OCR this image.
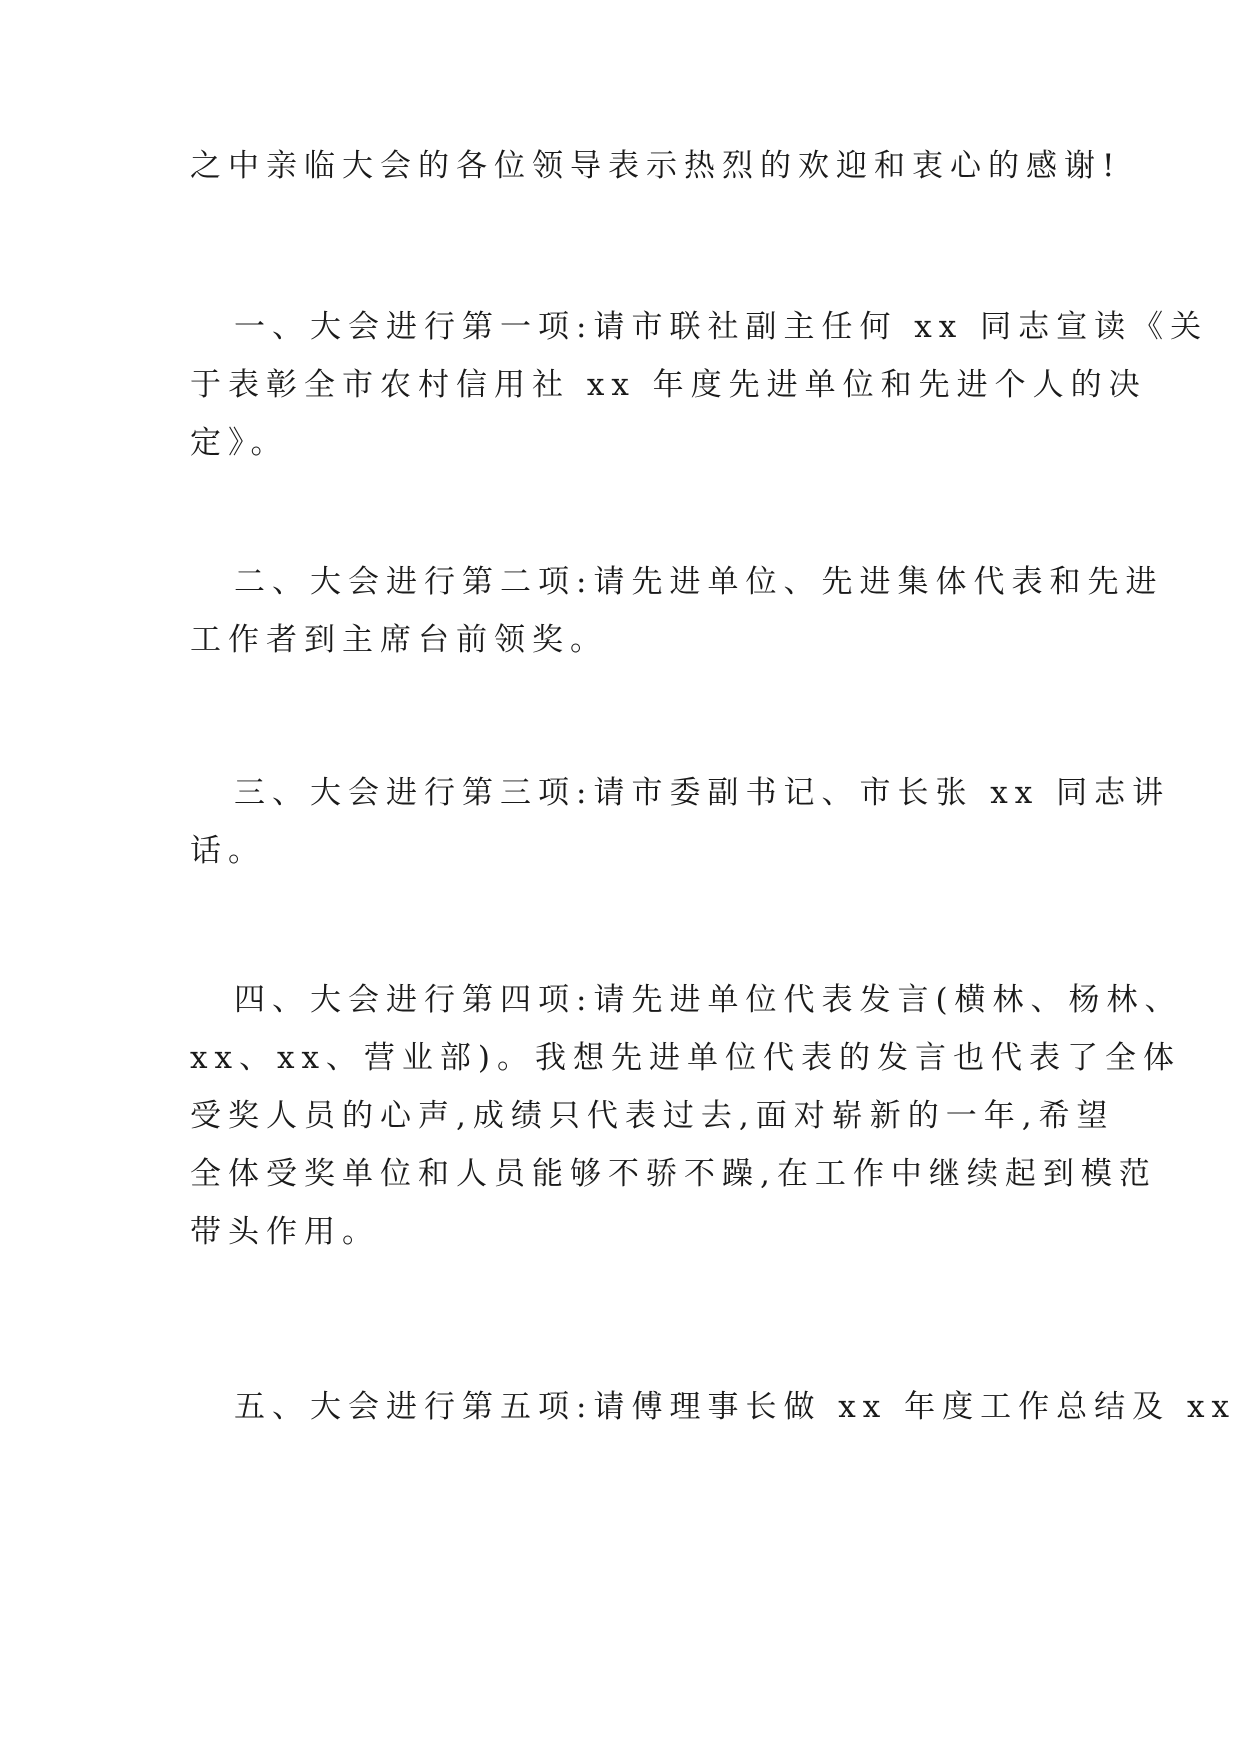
之中亲临大会的各位领导表示热烈的欢迎和衷心的感谢!

一、大会进行第一项:请市联社副主任何 xx 同志宣读《关
于表彰全市农村信用社 xx 年度先进单位和先进个人的决
定》。

二、大会进行第二项:请先进单位、先进集体代表和先进
工作者到主席台前领奖。

三、大会进行第三项:请市委副书记、市长张 xx 同志讲
话。

四、大会进行第四项:请先进单位代表发言(横林、杨林、
xx、xx、营业部)。我想先进单位代表的发言也代表了全体
受奖人员的心声,成绩只代表过去,面对崭新的一年,希望
全体受奖单位和人员能够不骄不躁,在工作中继续起到模范
带头作用。

五、大会进行第五项:请傅理事长做 xx 年度工作总结及 xx
